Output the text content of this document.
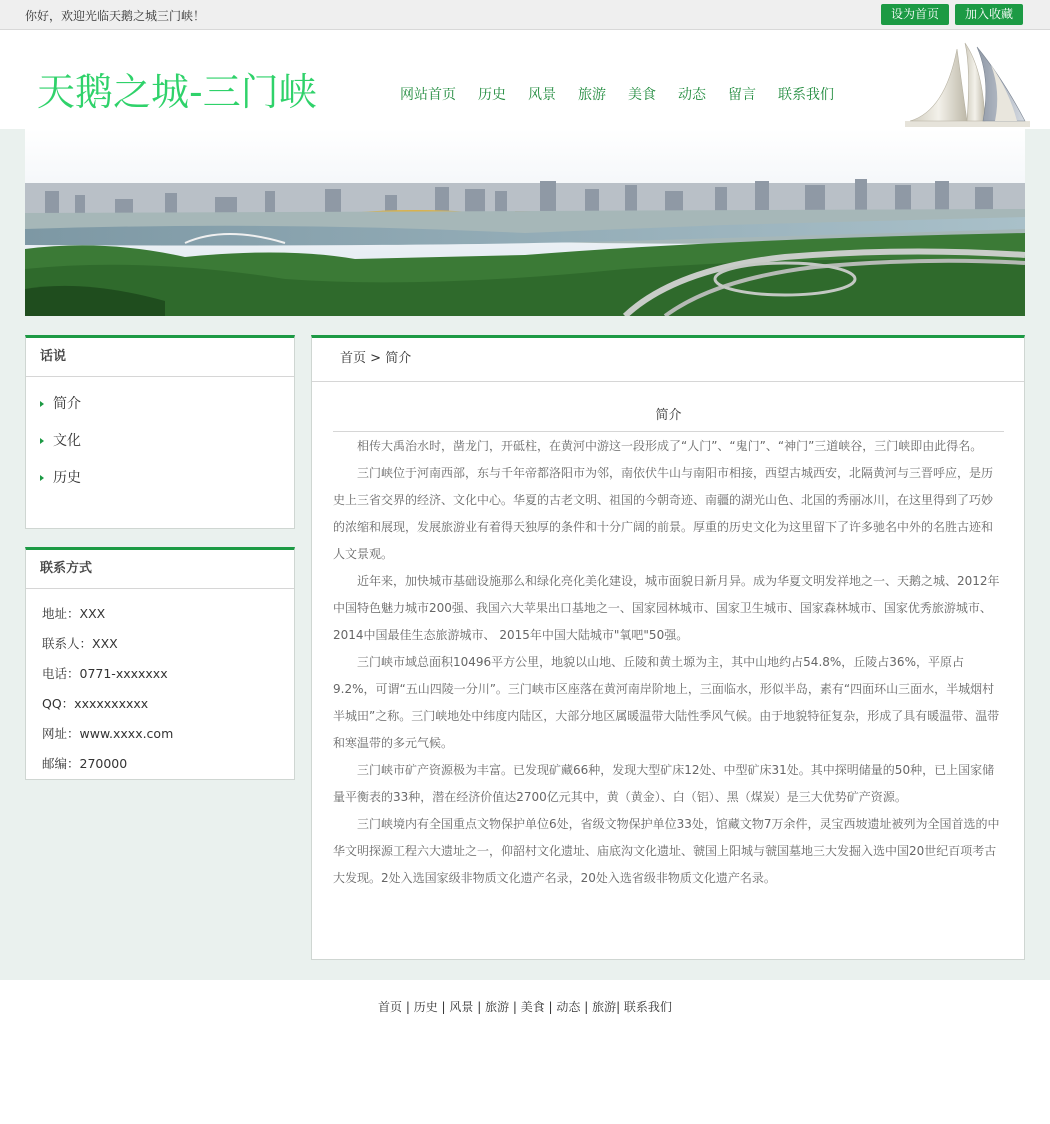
你好，欢迎光临天鹅之城三门峡！	设为首页	加入收藏
天鹅之城-三门峡	网站首页 历史 风景 旅游 美食 动态 留言 联系我们
话说
简介
文化
历史
联系方式
地址：XXX
联系人：XXX
电话：0771-xxxxxxx
QQ：xxxxxxxxxx
网址：www.xxxx.com
邮编：270000
首页 > 简介
简介

相传大禹治水时，凿龙门，开砥柱，在黄河中游这一段形成了“人门”、“鬼门”、“神门”三道峡谷，三门峡即由此得名。

三门峡位于河南西部，东与千年帝都洛阳市为邻，南依伏牛山与南阳市相接，西望古城西安，北隔黄河与三晋呼应，是历史上三省交界的经济、文化中心。华夏的古老文明、祖国的今朝奇迹、南疆的湖光山色、北国的秀丽冰川，在这里得到了巧妙的浓缩和展现，发展旅游业有着得天独厚的条件和十分广阔的前景。厚重的历史文化为这里留下了许多驰名中外的名胜古迹和人文景观。

近年来，加快城市基础设施那么和绿化亮化美化建设，城市面貌日新月异。成为华夏文明发祥地之一、天鹅之城、2012年中国特色魅力城市200强、我国六大苹果出口基地之一、国家园林城市、国家卫生城市、国家森林城市、国家优秀旅游城市、2014中国最佳生态旅游城市、 2015年中国大陆城市"氧吧"50强。

三门峡市域总面积10496平方公里，地貌以山地、丘陵和黄土塬为主，其中山地约占54.8%，丘陵占36%，平原占9.2%，可谓“五山四陵一分川”。三门峡市区座落在黄河南岸阶地上，三面临水，形似半岛，素有“四面环山三面水，半城烟村半城田”之称。三门峡地处中纬度内陆区，大部分地区属暖温带大陆性季风气候。由于地貌特征复杂，形成了具有暖温带、温带和寒温带的多元气候。

三门峡市矿产资源极为丰富。已发现矿藏66种，发现大型矿床12处、中型矿床31处。其中探明储量的50种，已上国家储量平衡表的33种，潜在经济价值达2700亿元其中，黄（黄金）、白（铝）、黑（煤炭）是三大优势矿产资源。

三门峡境内有全国重点文物保护单位6处，省级文物保护单位33处，馆藏文物7万余件，灵宝西坡遗址被列为全国首选的中华文明探源工程六大遗址之一，仰韶村文化遗址、庙底沟文化遗址、虢国上阳城与虢国墓地三大发掘入选中国20世纪百项考古大发现。2处入选国家级非物质文化遗产名录，20处入选省级非物质文化遗产名录。

首页 | 历史 | 风景 | 旅游 | 美食 | 动态 | 旅游| 联系我们
